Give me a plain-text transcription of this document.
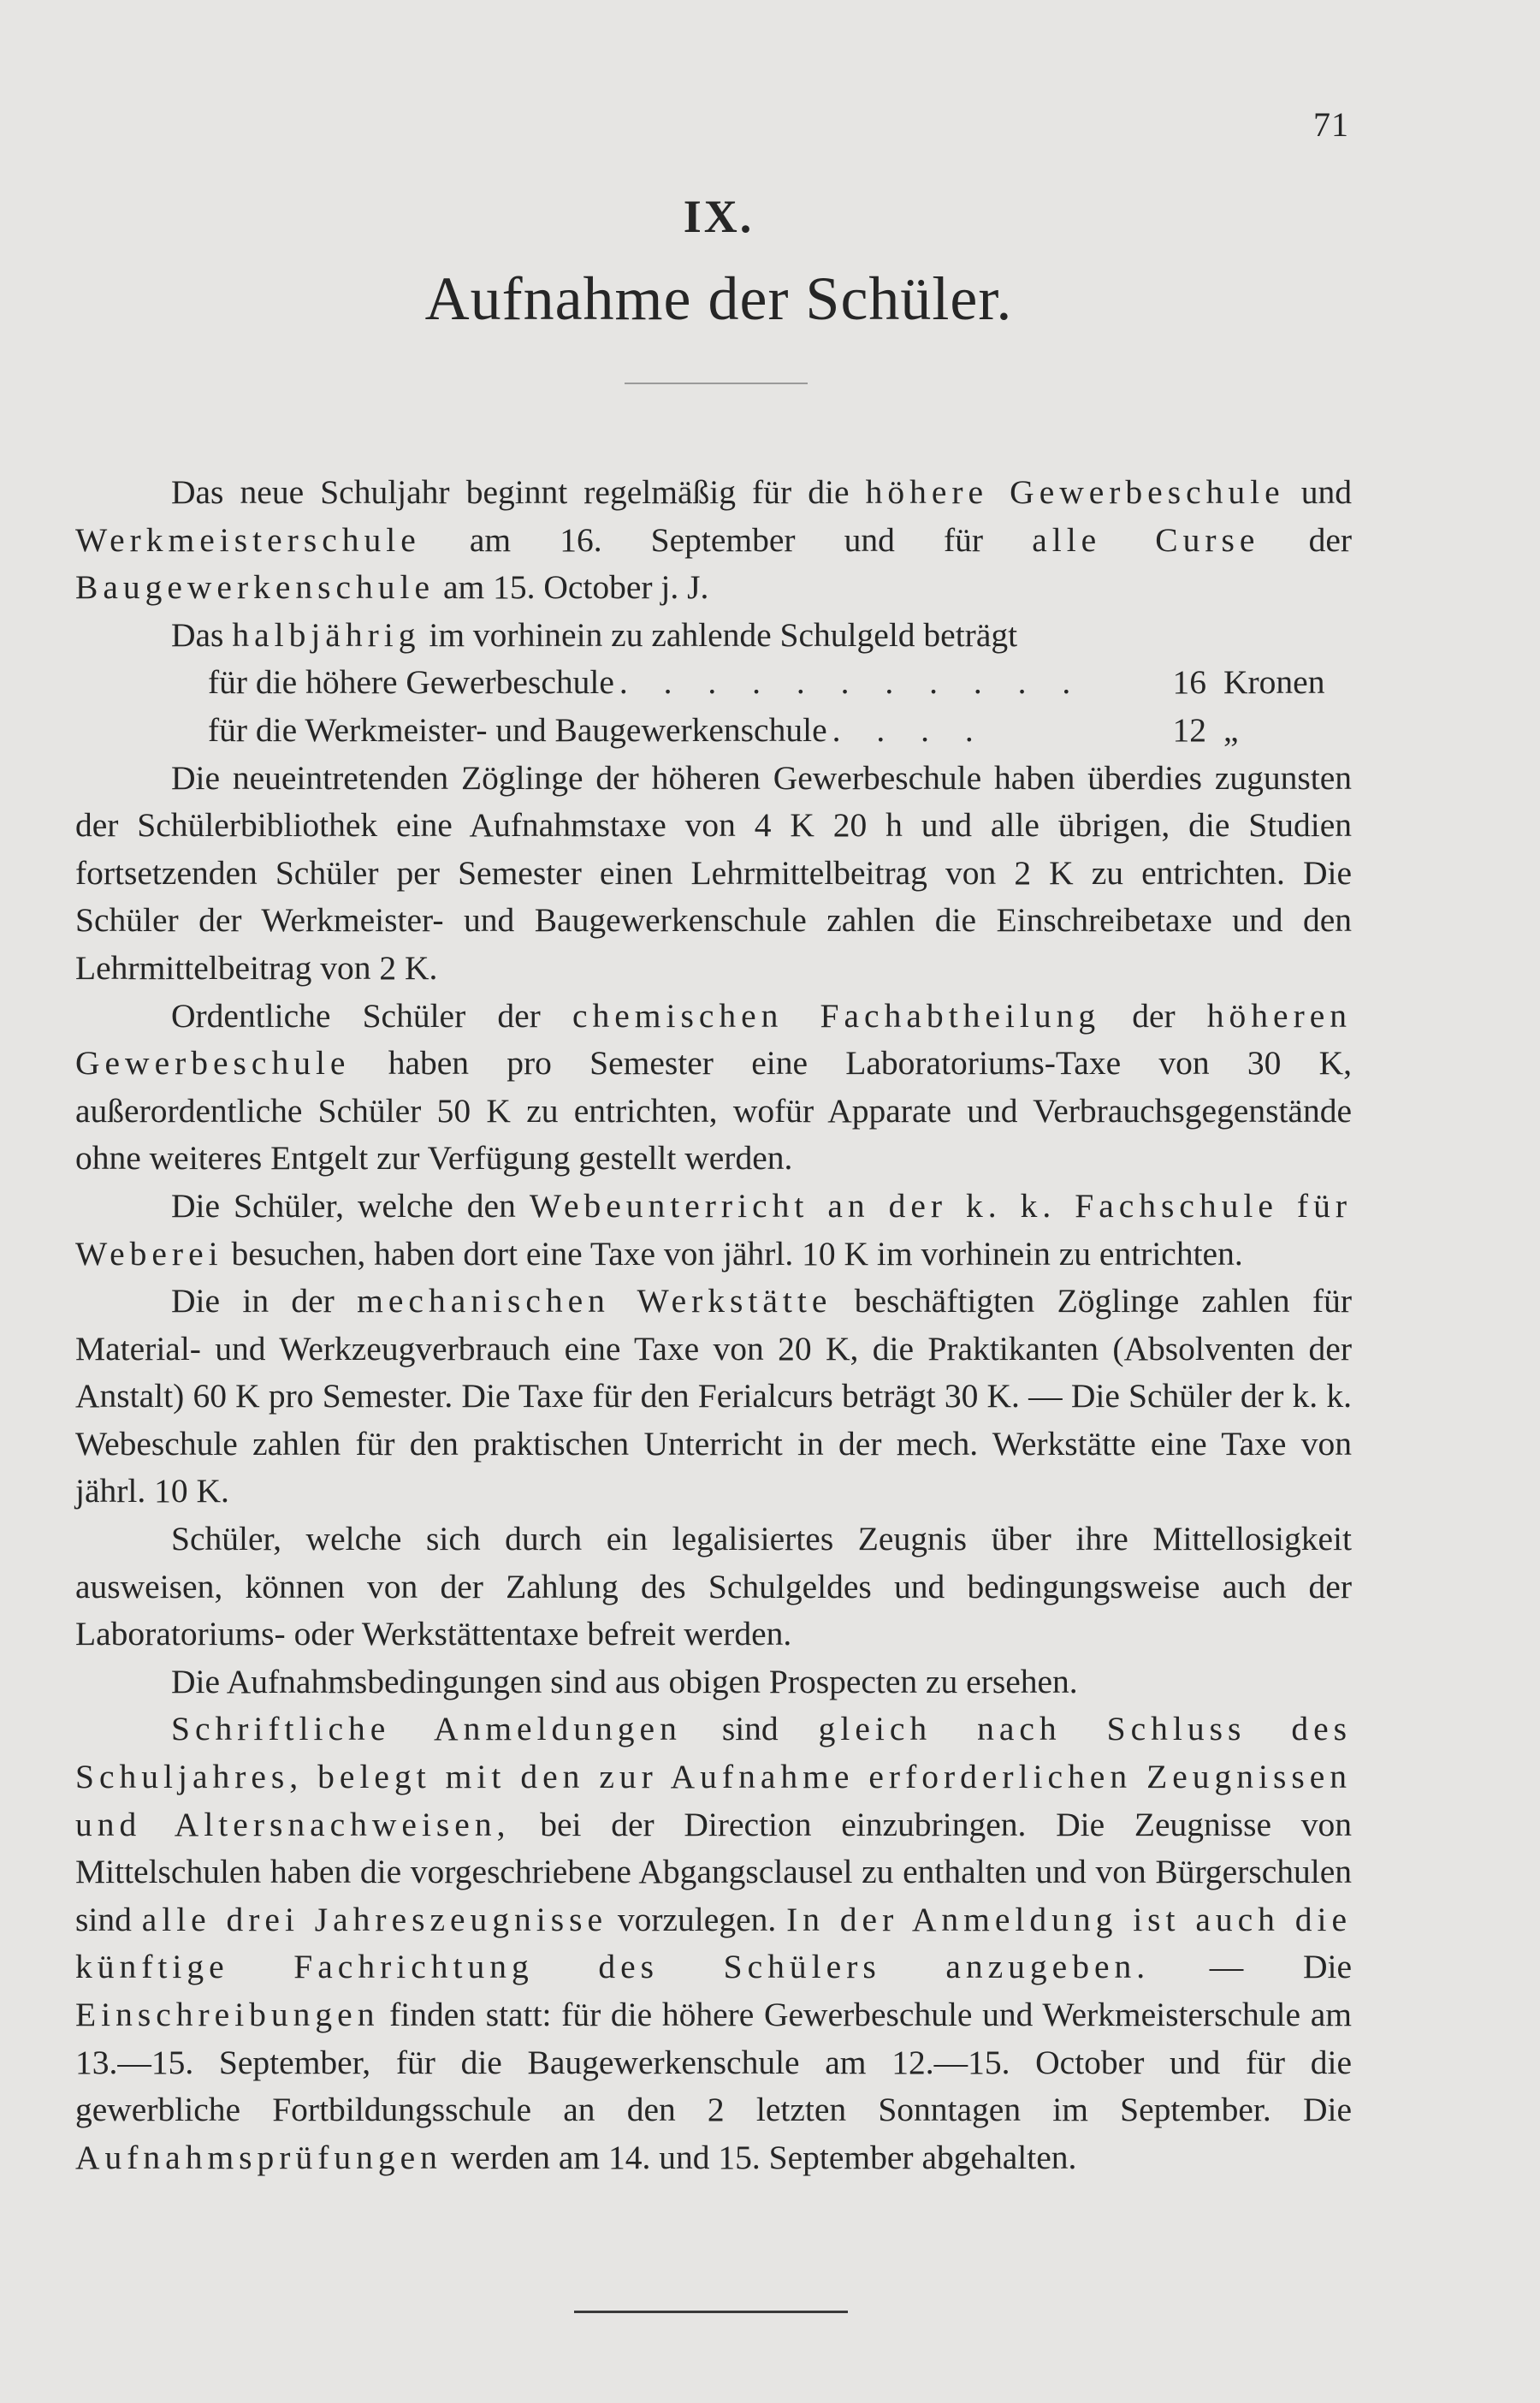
71
IX.
Aufnahme der Schüler.

Das neue Schuljahr beginnt regelmäßig für die höhere Gewerbeschule und Werkmeisterschule am 16. September und für alle Curse der Baugewerkenschule am 15. October j. J.

Das halbjährig im vorhinein zu zahlende Schulgeld beträgt

für die höhere Gewerbeschule . . . . . . . . . . .	16 Kronen
für die Werkmeister- und Baugewerkenschule . . . .	12 „

Die neueintretenden Zöglinge der höheren Gewerbeschule haben überdies zugunsten der Schülerbibliothek eine Aufnahmstaxe von 4 K 20 h und alle übrigen, die Studien fortsetzenden Schüler per Semester einen Lehrmittelbeitrag von 2 K zu entrichten. Die Schüler der Werkmeister- und Baugewerkenschule zahlen die Einschreibetaxe und den Lehrmittelbeitrag von 2 K.

Ordentliche Schüler der chemischen Fachabtheilung der höheren Gewerbeschule haben pro Semester eine Laboratoriums-Taxe von 30 K, außerordentliche Schüler 50 K zu entrichten, wofür Apparate und Verbrauchsgegenstände ohne weiteres Entgelt zur Verfügung gestellt werden.

Die Schüler, welche den Webeunterricht an der k. k. Fachschule für Weberei besuchen, haben dort eine Taxe von jährl. 10 K im vorhinein zu entrichten.

Die in der mechanischen Werkstätte beschäftigten Zöglinge zahlen für Material- und Werkzeugverbrauch eine Taxe von 20 K, die Praktikanten (Absolventen der Anstalt) 60 K pro Semester. Die Taxe für den Ferialcurs beträgt 30 K. — Die Schüler der k. k. Webeschule zahlen für den praktischen Unterricht in der mech. Werkstätte eine Taxe von jährl. 10 K.

Schüler, welche sich durch ein legalisiertes Zeugnis über ihre Mittellosigkeit ausweisen, können von der Zahlung des Schulgeldes und bedingungsweise auch der Laboratoriums- oder Werkstättentaxe befreit werden.

Die Aufnahmsbedingungen sind aus obigen Prospecten zu ersehen.

Schriftliche Anmeldungen sind gleich nach Schluss des Schuljahres, belegt mit den zur Aufnahme erforderlichen Zeugnissen und Altersnachweisen, bei der Direction einzubringen. Die Zeugnisse von Mittelschulen haben die vorgeschriebene Abgangsclausel zu enthalten und von Bürgerschulen sind alle drei Jahreszeugnisse vorzulegen. In der Anmeldung ist auch die künftige Fachrichtung des Schülers anzugeben. — Die Einschreibungen finden statt: für die höhere Gewerbeschule und Werkmeisterschule am 13.—15. September, für die Baugewerkenschule am 12.—15. October und für die gewerbliche Fortbildungsschule an den 2 letzten Sonntagen im September. Die Aufnahmsprüfungen werden am 14. und 15. September abgehalten.
